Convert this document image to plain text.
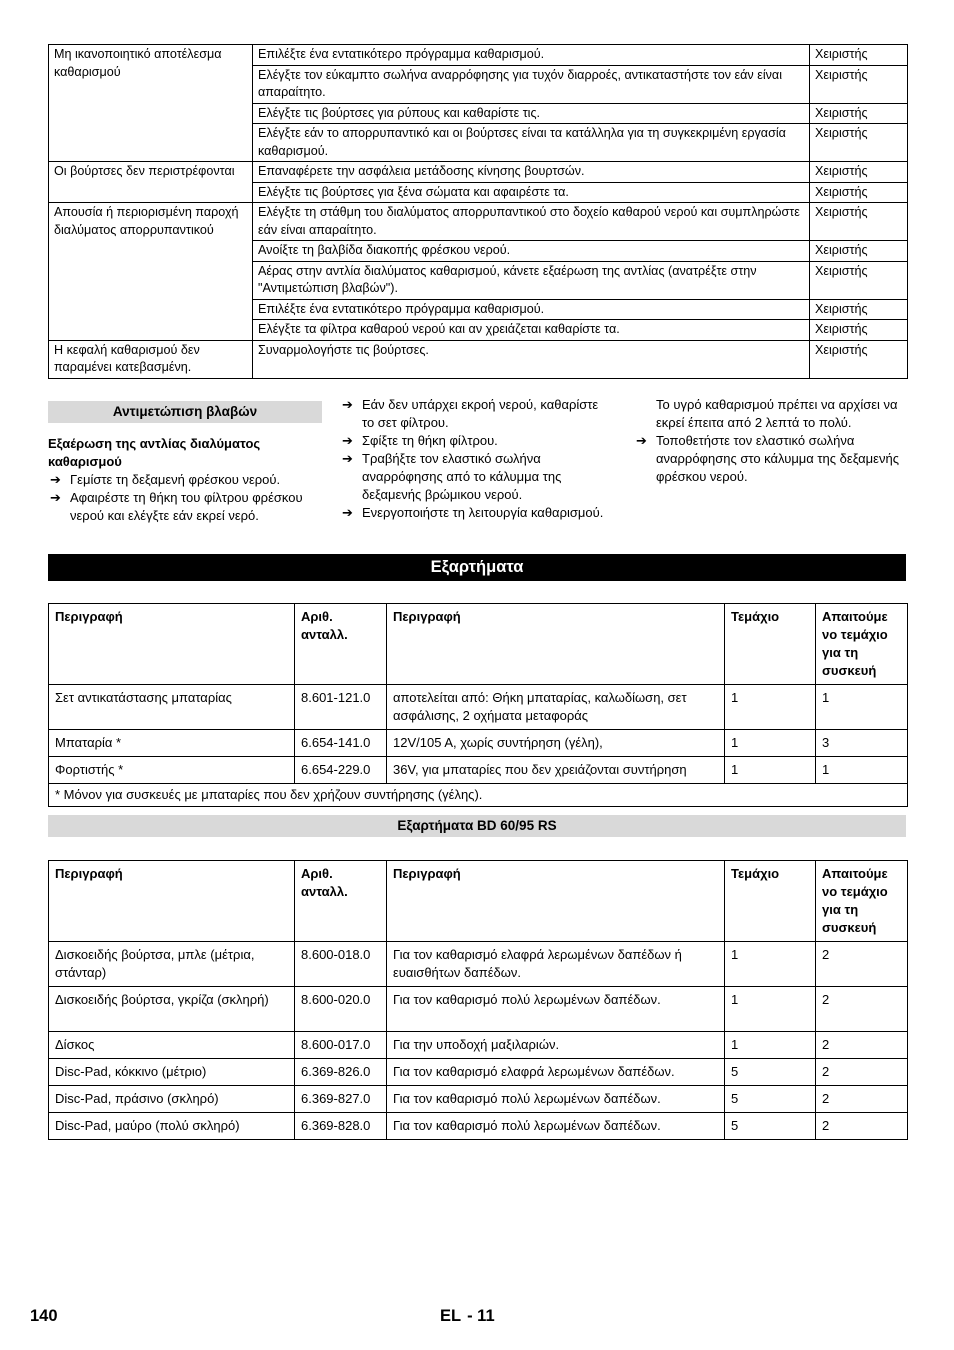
Μη ικανοποιητικό αποτέλεσμα καθαρισμού	Επιλέξτε ένα εντατικότερο πρόγραμμα καθαρισμού.	Χειριστής
	Ελέγξτε τον εύκαμπτο σωλήνα αναρρόφησης για τυχόν διαρροές, αντικαταστήστε τον εάν είναι απαραίτητο.	Χειριστής
	Ελέγξτε τις βούρτσες για ρύπους και καθαρίστε τις.	Χειριστής
	Ελέγξτε εάν το απορρυπαντικό και οι βούρτσες είναι τα κατάλληλα για τη συγκεκριμένη εργασία καθαρισμού.	Χειριστής
Οι βούρτσες δεν περιστρέφονται	Επαναφέρετε την ασφάλεια μετάδοσης κίνησης βουρτσών.	Χειριστής
	Ελέγξτε τις βούρτσες για ξένα σώματα και αφαιρέστε τα.	Χειριστής
Απουσία ή περιορισμένη παροχή διαλύματος απορρυπαντικού	Ελέγξτε τη στάθμη του διαλύματος απορρυπαντικού στο δοχείο καθαρού νερού και συμπληρώστε εάν είναι απαραίτητο.	Χειριστής
	Ανοίξτε τη βαλβίδα διακοπής φρέσκου νερού.	Χειριστής
	Αέρας στην αντλία διαλύματος καθαρισμού, κάνετε εξαέρωση της αντλίας (ανατρέξτε στην "Αντιμετώπιση βλαβών").	Χειριστής
	Επιλέξτε ένα εντατικότερο πρόγραμμα καθαρισμού.	Χειριστής
	Ελέγξτε τα φίλτρα καθαρού νερού και αν χρειάζεται καθαρίστε τα.	Χειριστής
Η κεφαλή καθαρισμού δεν παραμένει κατεβασμένη.	Συναρμολογήστε τις βούρτσες.	Χειριστής
Αντιμετώπιση βλαβών
Εξαέρωση της αντλίας διαλύματος καθαρισμού
➔ Γεμίστε τη δεξαμενή φρέσκου νερού.
➔ Αφαιρέστε τη θήκη του φίλτρου φρέσκου νερού και ελέγξτε εάν εκρεί νερό.
➔ Εάν δεν υπάρχει εκροή νερού, καθαρίστε το σετ φίλτρου.
➔ Σφίξτε τη θήκη φίλτρου.
➔ Τραβήξτε τον ελαστικό σωλήνα αναρρόφησης από το κάλυμμα της δεξαμενής βρώμικου νερού.
➔ Ενεργοποιήστε τη λειτουργία καθαρισμού.
Το υγρό καθαρισμού πρέπει να αρχίσει να εκρεί έπειτα από 2 λεπτά το πολύ.
➔ Τοποθετήστε τον ελαστικό σωλήνα αναρρόφησης στο κάλυμμα της δεξαμενής φρέσκου νερού.
Εξαρτήματα
Περιγραφή	Αριθ. ανταλλ.	Περιγραφή	Τεμάχιο	Απαιτούμε νο τεμάχιο για τη συσκευή
Σετ αντικατάστασης μπαταρίας	8.601-121.0	αποτελείται από: Θήκη μπαταρίας, καλωδίωση, σετ ασφάλισης, 2 οχήματα μεταφοράς	1	1
Μπαταρία *	6.654-141.0	12V/105 A, χωρίς συντήρηση (γέλη),	1	3
Φορτιστής *	6.654-229.0	36V, για μπαταρίες που δεν χρειάζονται συντήρηση	1	1
* Μόνον για συσκευές με μπαταρίες που δεν χρήζουν συντήρησης (γέλης).				
Εξαρτήματα BD 60/95 RS
Περιγραφή	Αριθ. ανταλλ.	Περιγραφή	Τεμάχιο	Απαιτούμε νο τεμάχιο για τη συσκευή
Δισκοειδής βούρτσα, μπλε (μέτρια, στάνταρ)	8.600-018.0	Για τον καθαρισμό ελαφρά λερωμένων δαπέδων ή ευαισθήτων δαπέδων.	1	2
Δισκοειδής βούρτσα, γκρίζα (σκληρή)	8.600-020.0	Για τον καθαρισμό πολύ λερωμένων δαπέδων.	1	2
Δίσκος	8.600-017.0	Για την υποδοχή μαξιλαριών.	1	2
Disc-Pad, κόκκινο (μέτριο)	6.369-826.0	Για τον καθαρισμό ελαφρά λερωμένων δαπέδων.	5	2
Disc-Pad, πράσινο (σκληρό)	6.369-827.0	Για τον καθαρισμό πολύ λερωμένων δαπέδων.	5	2
Disc-Pad, μαύρο (πολύ σκληρό)	6.369-828.0	Για τον καθαρισμό πολύ λερωμένων δαπέδων.	5	2
140	EL - 11
